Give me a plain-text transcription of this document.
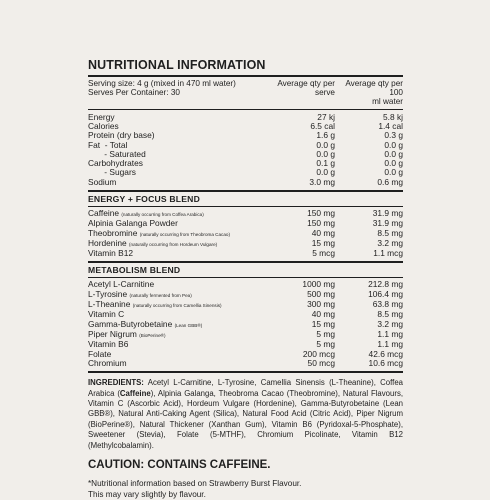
NUTRITIONAL INFORMATION
Serving size: 4 g (mixed in 470 ml water)
Serves Per Container: 30
Average qty per
serve
Average qty per 100
ml water
Energy	27 kj	5.8 kj
Calories	6.5 cal	1.4 cal
Protein (dry base)	1.6 g	0.3 g
Fat  - Total	0.0 g	0.0 g
- Saturated	0.0 g	0.0 g
Carbohydrates	0.1 g	0.0 g
- Sugars	0.0 g	0.0 g
Sodium	3.0 mg	0.6 mg
ENERGY + FOCUS BLEND
Caffeine (naturally occurring from Coffea Arabica)	150 mg	31.9 mg
Alpinia Galanga Powder	150 mg	31.9 mg
Theobromine (naturally occurring from Theobroma Cacao)	40 mg	8.5 mg
Hordenine (naturally occurring from Hordeum Vulgare)	15 mg	3.2 mg
Vitamin B12	5 mcg	1.1 mcg
METABOLISM BLEND
Acetyl L-Carnitine	1000 mg	212.8 mg
L-Tyrosine (naturally fermented from Pea)	500 mg	106.4 mg
L-Theanine (naturally occurring from Camellia Sinensis)	300 mg	63.8 mg
Vitamin C	40 mg	8.5 mg
Gamma-Butyrobetaine (Lean GBB®)	15 mg	3.2 mg
Piper Nigrum (BioPerine®)	5 mg	1.1 mg
Vitamin B6	5 mg	1.1 mg
Folate	200 mcg	42.6 mcg
Chromium	50 mcg	10.6 mcg
INGREDIENTS: Acetyl L-Carnitine, L-Tyrosine, Camellia Sinensis (L-Theanine), Coffea Arabica (Caffeine), Alpinia Galanga, Theobroma Cacao (Theobromine), Natural Flavours, Vitamin C (Ascorbic Acid), Hordeum Vulgare (Hordenine), Gamma-Butyrobetaine (Lean GBB®), Natural Anti-Caking Agent (Silica), Natural Food Acid (Citric Acid), Piper Nigrum (BioPerine®), Natural Thickener (Xanthan Gum), Vitamin B6 (Pyridoxal-5-Phosphate), Sweetener (Stevia), Folate (5-MTHF), Chromium Picolinate, Vitamin B12 (Methylcobalamin).
CAUTION: CONTAINS CAFFEINE.
*Nutritional information based on Strawberry Burst Flavour.
This may vary slightly by flavour.
